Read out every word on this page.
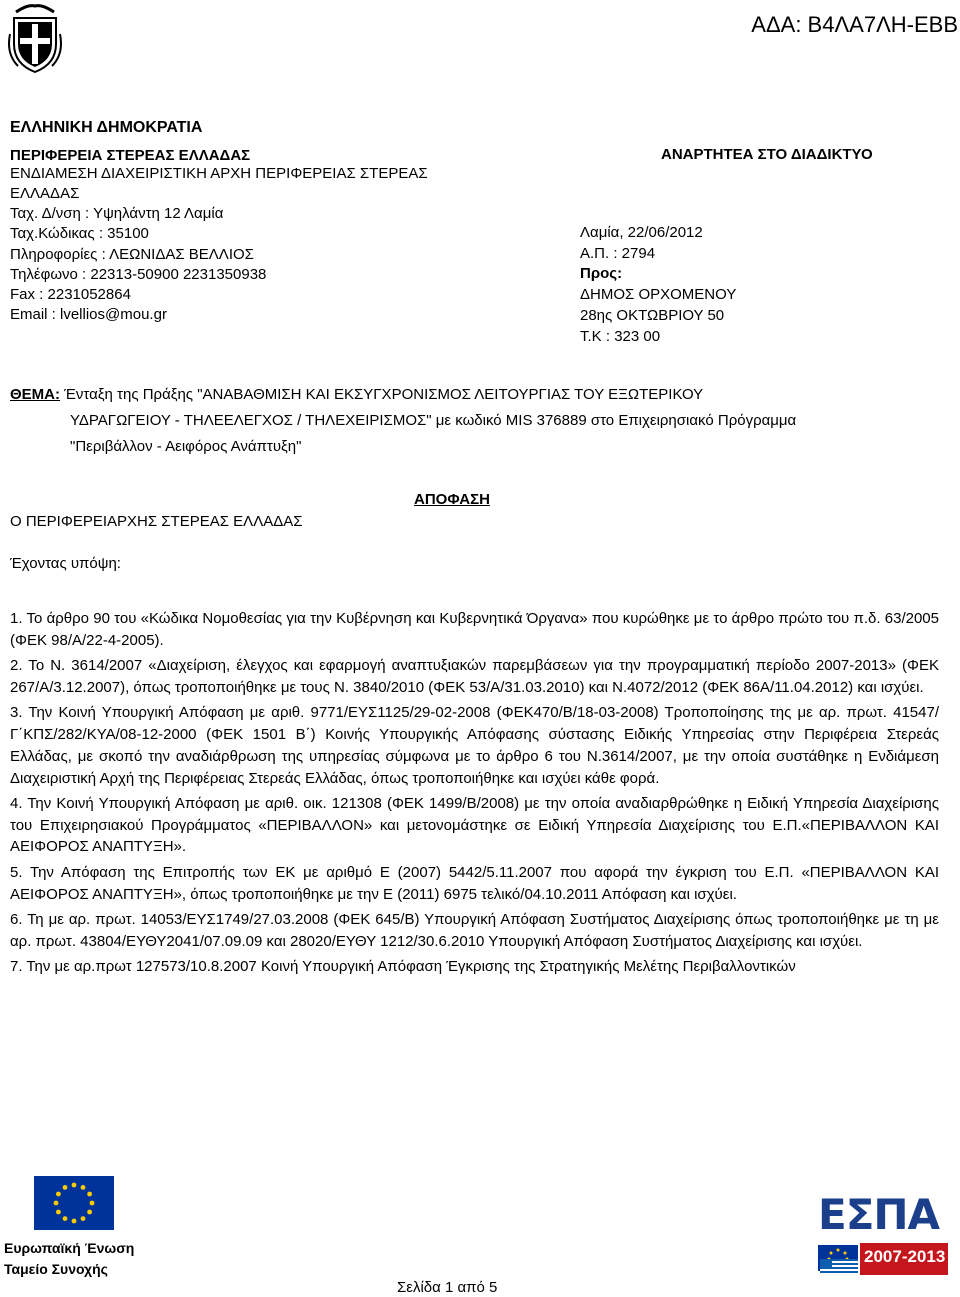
ΑΔΑ: Β4ΛΑ7ΛΗ-ΕΒΒ
ΕΛΛΗΝΙΚΗ ΔΗΜΟΚΡΑΤΙΑ
ΠΕΡΙΦΕΡΕΙΑ ΣΤΕΡΕΑΣ ΕΛΛΑΔΑΣ
ΕΝΔΙΑΜΕΣΗ ΔΙΑΧΕΙΡΙΣΤΙΚΗ ΑΡΧΗ ΠΕΡΙΦΕΡΕΙΑΣ ΣΤΕΡΕΑΣ
ΕΛΛΑΔΑΣ
Ταχ. Δ/νση : Υψηλάντη 12 Λαμία
Ταχ.Κώδικας : 35100
Πληροφορίες : ΛΕΩΝΙΔΑΣ ΒΕΛΛΙΟΣ
Τηλέφωνο : 22313-50900 2231350938
Fax : 2231052864
Email : lvellios@mou.gr
ΑΝΑΡΤΗΤΕΑ ΣΤΟ ΔΙΑΔΙΚΤΥΟ
Λαμία, 22/06/2012
Α.Π. : 2794
Προς:
ΔΗΜΟΣ ΟΡΧΟΜΕΝΟΥ
28ης ΟΚΤΩΒΡΙΟΥ 50
Τ.Κ : 323 00
ΘΕΜΑ: Ένταξη της Πράξης "ΑΝΑΒΑΘΜΙΣΗ ΚΑΙ ΕΚΣΥΓΧΡΟΝΙΣΜΟΣ ΛΕΙΤΟΥΡΓΙΑΣ ΤΟΥ ΕΞΩΤΕΡΙΚΟΥ
ΥΔΡΑΓΩΓΕΙΟΥ - ΤΗΛΕΕΛΕΓΧΟΣ / ΤΗΛΕΧΕΙΡΙΣΜΟΣ" με κωδικό MIS 376889 στο Επιχειρησιακό Πρόγραμμα
"Περιβάλλον - Αειφόρος Ανάπτυξη"
ΑΠΟΦΑΣΗ
Ο ΠΕΡΙΦΕΡΕΙΑΡΧΗΣ ΣΤΕΡΕΑΣ ΕΛΛΑΔΑΣ
Έχοντας υπόψη:

1. Το άρθρο 90 του «Κώδικα Νομοθεσίας για την Κυβέρνηση και Κυβερνητικά Όργανα» που κυρώθηκε με το άρθρο πρώτο του π.δ. 63/2005 (ΦΕΚ 98/Α/22-4-2005).

2. Το Ν. 3614/2007 «Διαχείριση, έλεγχος και εφαρμογή αναπτυξιακών παρεμβάσεων για την προγραμματική περίοδο 2007-2013» (ΦΕΚ 267/Α/3.12.2007), όπως τροποποιήθηκε με τους Ν. 3840/2010 (ΦΕΚ 53/Α/31.03.2010) και Ν.4072/2012 (ΦΕΚ 86Α/11.04.2012) και ισχύει.

3. Την Κοινή Υπουργική Απόφαση με αριθ. 9771/ΕΥΣ1125/29-02-2008 (ΦΕΚ470/Β/18-03-2008) Τροποποίησης της με αρ. πρωτ. 41547/Γ΄ΚΠΣ/282/ΚΥΑ/08-12-2000 (ΦΕΚ 1501 Β΄) Κοινής Υπουργικής Απόφασης σύστασης Ειδικής Υπηρεσίας στην Περιφέρεια Στερεάς Ελλάδας, με σκοπό την αναδιάρθρωση της υπηρεσίας σύμφωνα με το άρθρο 6 του Ν.3614/2007, με την οποία συστάθηκε η Ενδιάμεση Διαχειριστική Αρχή της Περιφέρειας Στερεάς Ελλάδας, όπως τροποποιήθηκε και ισχύει κάθε φορά.

4. Την Κοινή Υπουργική Απόφαση με αριθ. οικ. 121308 (ΦΕΚ 1499/Β/2008) με την οποία αναδιαρθρώθηκε η Ειδική Υπηρεσία Διαχείρισης του Επιχειρησιακού Προγράμματος «ΠΕΡΙΒΑΛΛΟΝ» και μετονομάστηκε σε Ειδική Υπηρεσία Διαχείρισης του Ε.Π.«ΠΕΡΙΒΑΛΛΟΝ ΚΑΙ ΑΕΙΦΟΡΟΣ ΑΝΑΠΤΥΞΗ».

5. Την Απόφαση της Επιτροπής των ΕΚ με αριθμό Ε (2007) 5442/5.11.2007 που αφορά την έγκριση του Ε.Π. «ΠΕΡΙΒΑΛΛΟΝ ΚΑΙ ΑΕΙΦΟΡΟΣ ΑΝΑΠΤΥΞΗ», όπως τροποποιήθηκε με την Ε (2011) 6975 τελικό/04.10.2011 Απόφαση και ισχύει.

6. Τη με αρ. πρωτ. 14053/ΕΥΣ1749/27.03.2008 (ΦΕΚ 645/Β) Υπουργική Απόφαση Συστήματος Διαχείρισης όπως τροποποιήθηκε με τη με αρ. πρωτ. 43804/ΕΥΘΥ2041/07.09.09 και 28020/ΕΥΘΥ 1212/30.6.2010 Υπουργική Απόφαση Συστήματος Διαχείρισης και ισχύει.

7. Την με αρ.πρωτ 127573/10.8.2007 Κοινή Υπουργική Απόφαση Έγκρισης της Στρατηγικής Μελέτης Περιβαλλοντικών

Ευρωπαϊκή Ένωση
Ταμείο Συνοχής
Σελίδα 1 από 5
ΕΣΠΑ
2007-2013
